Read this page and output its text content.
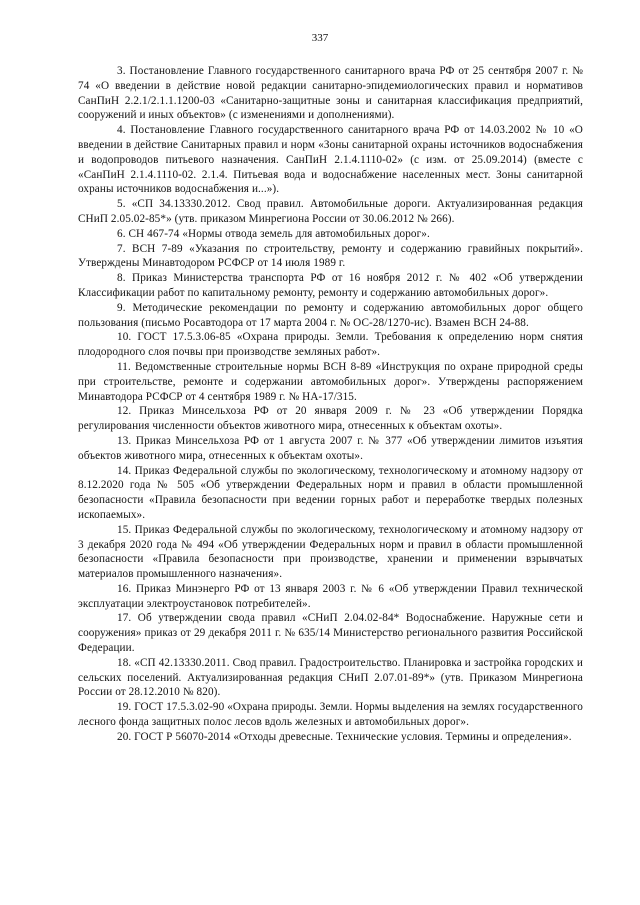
337

3. Постановление Главного государственного санитарного врача РФ от 25 сентября 2007 г. № 74 «О введении в действие новой редакции санитарно-эпидемиологических правил и нормативов СанПиН 2.2.1/2.1.1.1200-03 «Санитарно-защитные зоны и санитарная классификация предприятий, сооружений и иных объектов» (с изменениями и дополнениями).

4. Постановление Главного государственного санитарного врача РФ от 14.03.2002 № 10 «О введении в действие Санитарных правил и норм «Зоны санитарной охраны источников водоснабжения и водопроводов питьевого назначения. СанПиН 2.1.4.1110-02» (с изм. от 25.09.2014) (вместе с «СанПиН 2.1.4.1110-02. 2.1.4. Питьевая вода и водоснабжение населенных мест. Зоны санитарной охраны источников водоснабжения и...»).

5. «СП 34.13330.2012. Свод правил. Автомобильные дороги. Актуализированная редакция СНиП 2.05.02-85*» (утв. приказом Минрегиона России от 30.06.2012 № 266).

6. СН 467-74 «Нормы отвода земель для автомобильных дорог».

7. ВСН 7-89 «Указания по строительству, ремонту и содержанию гравийных покрытий». Утверждены Минавтодором РСФСР от 14 июля 1989 г.

8. Приказ Министерства транспорта РФ от 16 ноября 2012 г. № 402 «Об утверждении Классификации работ по капитальному ремонту, ремонту и содержанию автомобильных дорог».

9. Методические рекомендации по ремонту и содержанию автомобильных дорог общего пользования (письмо Росавтодора от 17 марта 2004 г. № ОС-28/1270-ис). Взамен ВСН 24-88.

10. ГОСТ 17.5.3.06-85 «Охрана природы. Земли. Требования к определению норм снятия плодородного слоя почвы при производстве земляных работ».

11. Ведомственные строительные нормы ВСН 8-89 «Инструкция по охране природной среды при строительстве, ремонте и содержании автомобильных дорог». Утверждены распоряжением Минавтодора РСФСР от 4 сентября 1989 г. № НА-17/315.

12. Приказ Минсельхоза РФ от 20 января 2009 г. № 23 «Об утверждении Порядка регулирования численности объектов животного мира, отнесенных к объектам охоты».

13. Приказ Минсельхоза РФ от 1 августа 2007 г. № 377 «Об утверждении лимитов изъятия объектов животного мира, отнесенных к объектам охоты».

14. Приказ Федеральной службы по экологическому, технологическому и атомному надзору от 8.12.2020 года № 505 «Об утверждении Федеральных норм и правил в области промышленной безопасности «Правила безопасности при ведении горных работ и переработке твердых полезных ископаемых».

15. Приказ Федеральной службы по экологическому, технологическому и атомному надзору от 3 декабря 2020 года № 494 «Об утверждении Федеральных норм и правил в области промышленной безопасности «Правила безопасности при производстве, хранении и применении взрывчатых материалов промышленного назначения».

16. Приказ Минэнерго РФ от 13 января 2003 г. № 6 «Об утверждении Правил технической эксплуатации электроустановок потребителей».

17. Об утверждении свода правил «СНиП 2.04.02-84* Водоснабжение. Наружные сети и сооружения» приказ от 29 декабря 2011 г. № 635/14 Министерство регионального развития Российской Федерации.

18. «СП 42.13330.2011. Свод правил. Градостроительство. Планировка и застройка городских и сельских поселений. Актуализированная редакция СНиП 2.07.01-89*» (утв. Приказом Минрегиона России от 28.12.2010 № 820).

19. ГОСТ 17.5.3.02-90 «Охрана природы. Земли. Нормы выделения на землях государственного лесного фонда защитных полос лесов вдоль железных и автомобильных дорог».

20. ГОСТ Р 56070-2014 «Отходы древесные. Технические условия. Термины и определения».
